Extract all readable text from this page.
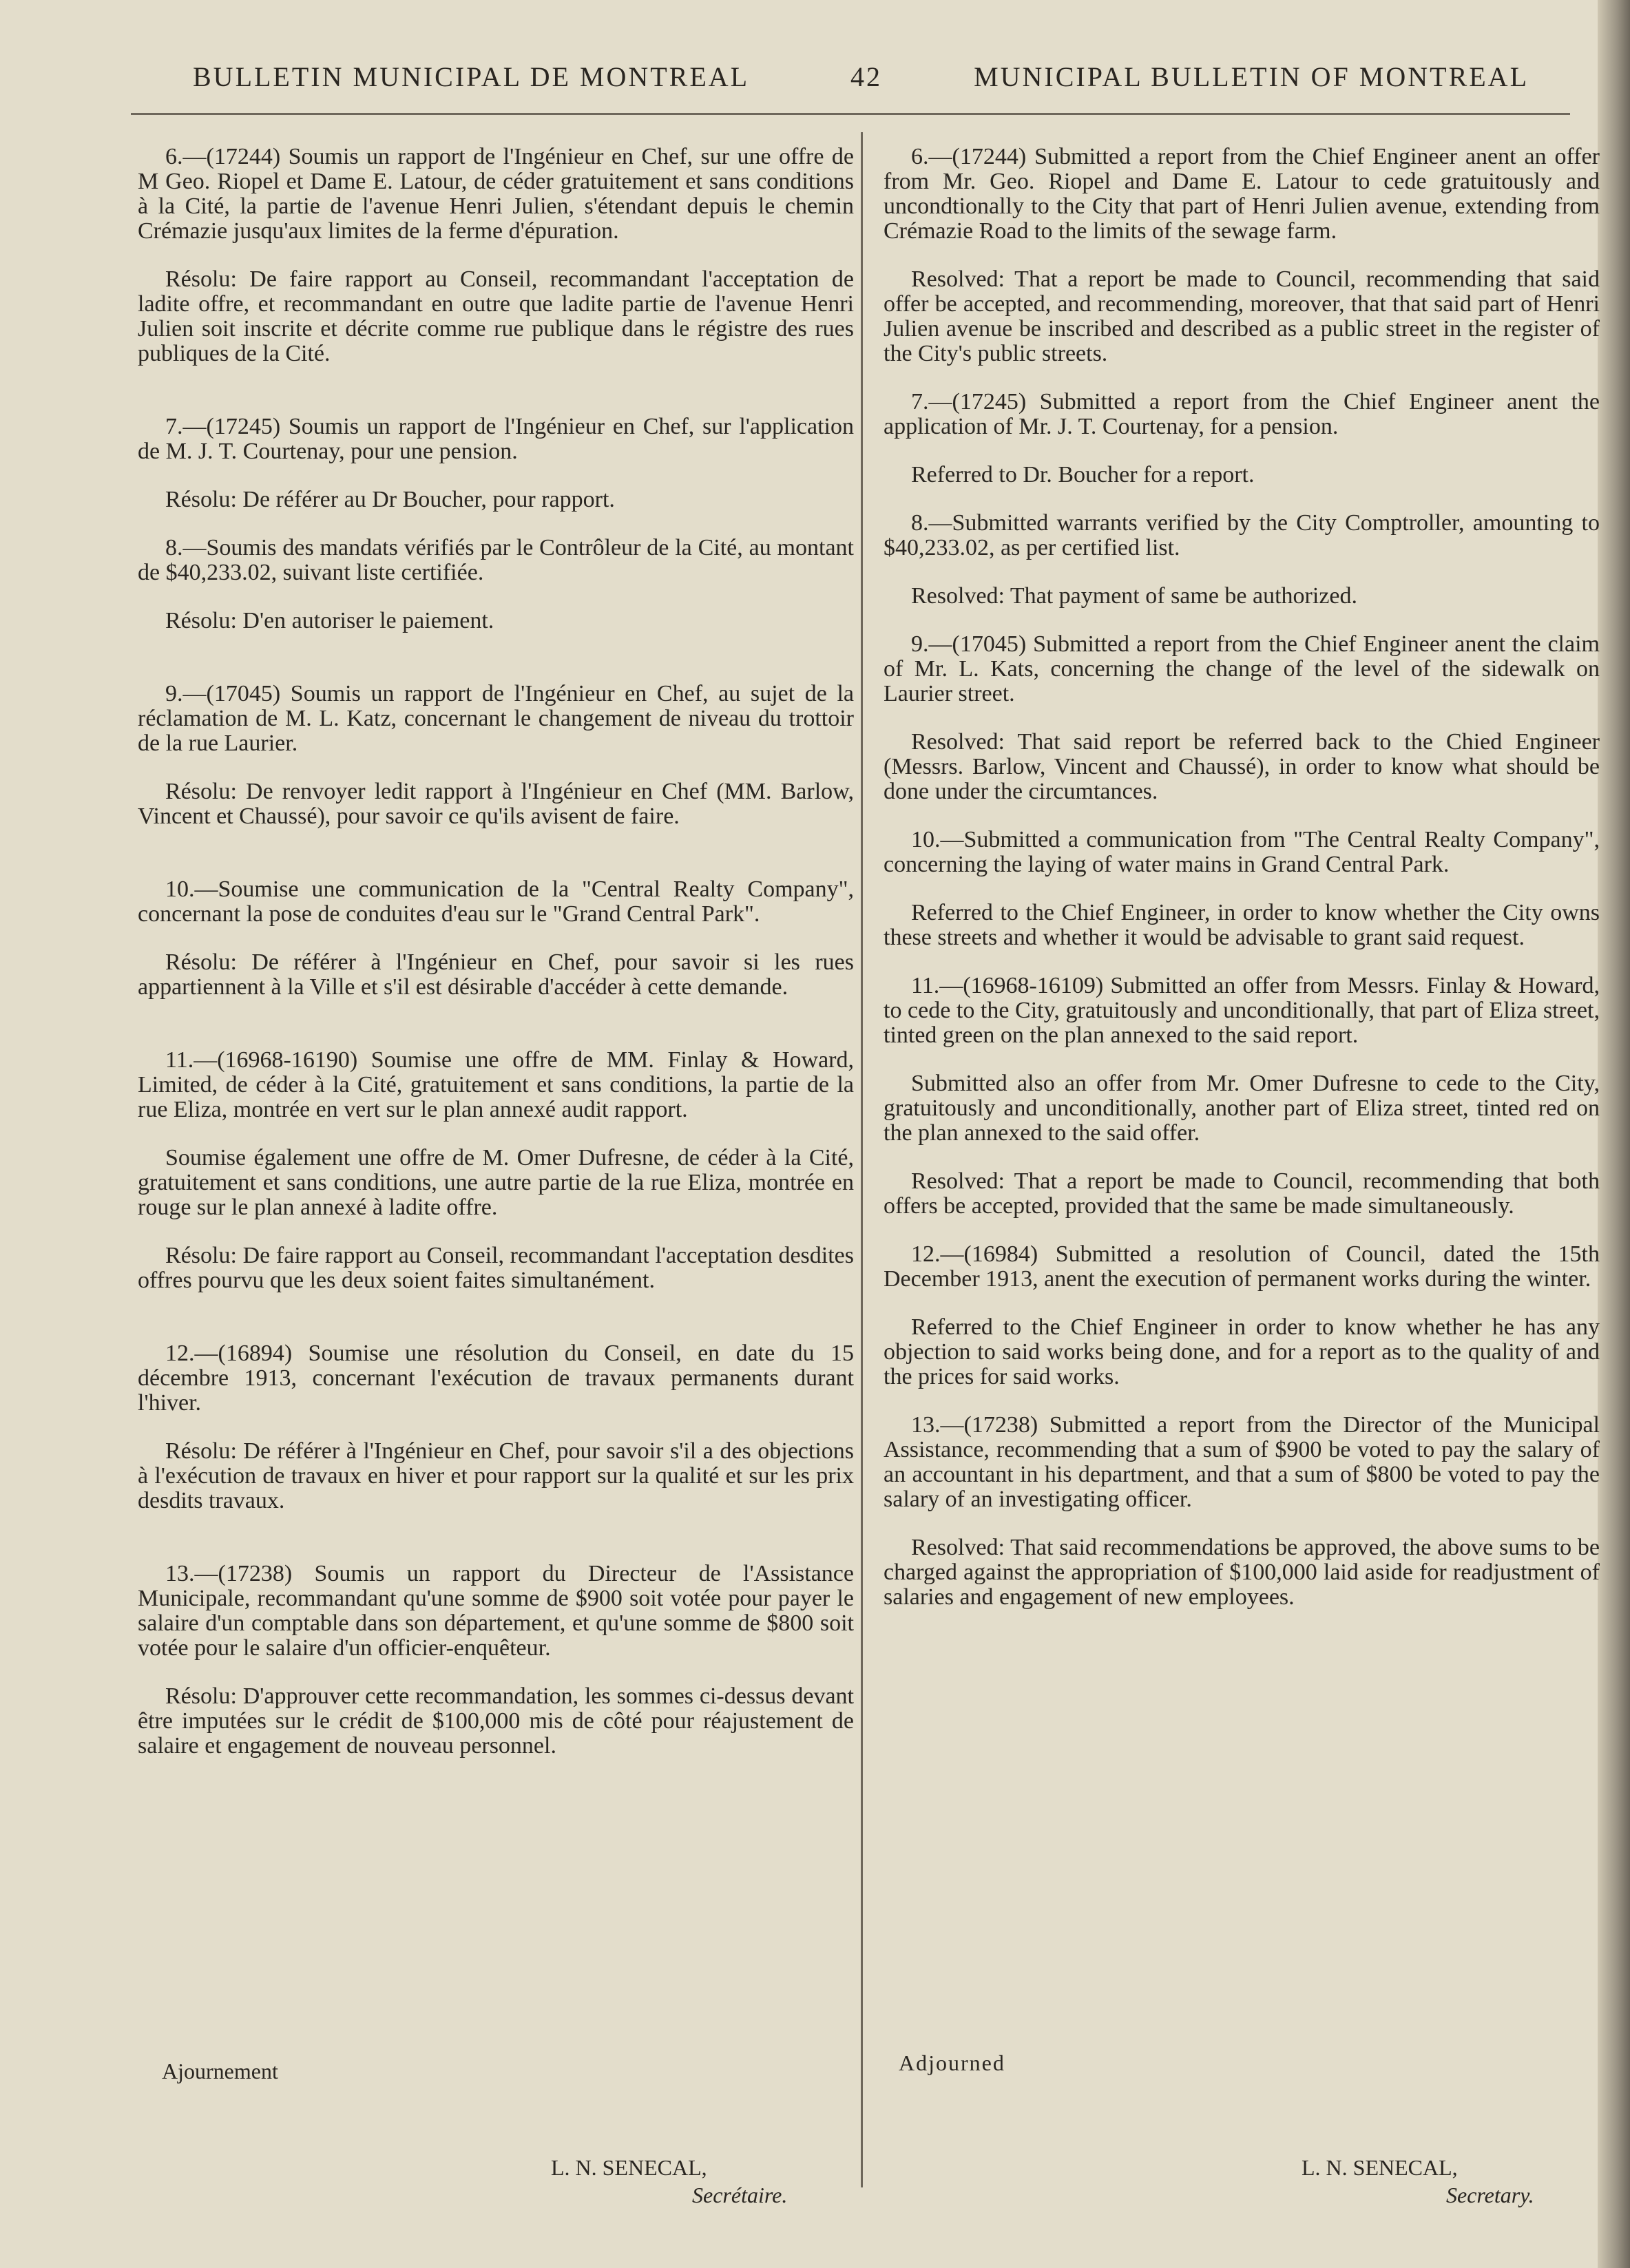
BULLETIN MUNICIPAL DE MONTREAL	42	MUNICIPAL BULLETIN OF MONTREAL

6.—(17244) Soumis un rapport de l'Ingénieur en Chef, sur une offre de M Geo. Riopel et Dame E. Latour, de céder gratuitement et sans conditions à la Cité, la partie de l'avenue Henri Julien, s'étendant depuis le chemin Crémazie jusqu'aux limites de la ferme d'épuration.

Résolu: De faire rapport au Conseil, recommandant l'acceptation de ladite offre, et recommandant en outre que ladite partie de l'avenue Henri Julien soit inscrite et décrite comme rue publique dans le régistre des rues publiques de la Cité.

7.—(17245) Soumis un rapport de l'Ingénieur en Chef, sur l'application de M. J. T. Courtenay, pour une pension.

Résolu: De référer au Dr Boucher, pour rapport.

8.—Soumis des mandats vérifiés par le Contrôleur de la Cité, au montant de $40,233.02, suivant liste certifiée.

Résolu: D'en autoriser le paiement.

9.—(17045) Soumis un rapport de l'Ingénieur en Chef, au sujet de la réclamation de M. L. Katz, concernant le changement de niveau du trottoir de la rue Laurier.

Résolu: De renvoyer ledit rapport à l'Ingénieur en Chef (MM. Barlow, Vincent et Chaussé), pour savoir ce qu'ils avisent de faire.

10.—Soumise une communication de la "Central Realty Company", concernant la pose de conduites d'eau sur le "Grand Central Park".

Résolu: De référer à l'Ingénieur en Chef, pour savoir si les rues appartiennent à la Ville et s'il est désirable d'accéder à cette demande.

11.—(16968-16190) Soumise une offre de MM. Finlay & Howard, Limited, de céder à la Cité, gratuitement et sans conditions, la partie de la rue Eliza, montrée en vert sur le plan annexé audit rapport.

Soumise également une offre de M. Omer Dufresne, de céder à la Cité, gratuitement et sans conditions, une autre partie de la rue Eliza, montrée en rouge sur le plan annexé à ladite offre.

Résolu: De faire rapport au Conseil, recommandant l'acceptation desdites offres pourvu que les deux soient faites simultanément.

12.—(16894) Soumise une résolution du Conseil, en date du 15 décembre 1913, concernant l'exécution de travaux permanents durant l'hiver.

Résolu: De référer à l'Ingénieur en Chef, pour savoir s'il a des objections à l'exécution de travaux en hiver et pour rapport sur la qualité et sur les prix desdits travaux.

13.—(17238) Soumis un rapport du Directeur de l'Assistance Municipale, recommandant qu'une somme de $900 soit votée pour payer le salaire d'un comptable dans son département, et qu'une somme de $800 soit votée pour le salaire d'un officier-enquêteur.

Résolu: D'approuver cette recommandation, les sommes ci-dessus devant être imputées sur le crédit de $100,000 mis de côté pour réajustement de salaire et engagement de nouveau personnel.

6.—(17244) Submitted a report from the Chief Engineer anent an offer from Mr. Geo. Riopel and Dame E. Latour to cede gratuitously and uncondtionally to the City that part of Henri Julien avenue, extending from Crémazie Road to the limits of the sewage farm.

Resolved: That a report be made to Council, recommending that said offer be accepted, and recommending, moreover, that that said part of Henri Julien avenue be inscribed and described as a public street in the register of the City's public streets.

7.—(17245) Submitted a report from the Chief Engineer anent the application of Mr. J. T. Courtenay, for a pension.

Referred to Dr. Boucher for a report.

8.—Submitted warrants verified by the City Comptroller, amounting to $40,233.02, as per certified list.

Resolved: That payment of same be authorized.

9.—(17045) Submitted a report from the Chief Engineer anent the claim of Mr. L. Kats, concerning the change of the level of the sidewalk on Laurier street.

Resolved: That said report be referred back to the Chied Engineer (Messrs. Barlow, Vincent and Chaussé), in order to know what should be done under the circumtances.

10.—Submitted a communication from "The Central Realty Company", concerning the laying of water mains in Grand Central Park.

Referred to the Chief Engineer, in order to know whether the City owns these streets and whether it would be advisable to grant said request.

11.—(16968-16109) Submitted an offer from Messrs. Finlay & Howard, to cede to the City, gratuitously and unconditionally, that part of Eliza street, tinted green on the plan annexed to the said report.

Submitted also an offer from Mr. Omer Dufresne to cede to the City, gratuitously and unconditionally, another part of Eliza street, tinted red on the plan annexed to the said offer.

Resolved: That a report be made to Council, recommending that both offers be accepted, provided that the same be made simultaneously.

12.—(16984) Submitted a resolution of Council, dated the 15th December 1913, anent the execution of permanent works during the winter.

Referred to the Chief Engineer in order to know whether he has any objection to said works being done, and for a report as to the quality of and the prices for said works.

13.—(17238) Submitted a report from the Director of the Municipal Assistance, recommending that a sum of $900 be voted to pay the salary of an accountant in his department, and that a sum of $800 be voted to pay the salary of an investigating officer.

Resolved: That said recommendations be approved, the above sums to be charged against the appropriation of $100,000 laid aside for readjustment of salaries and engagement of new employees.

Ajournement
L. N. SENECAL,
Secrétaire.
Adjourned
L. N. SENECAL,
Secretary.
